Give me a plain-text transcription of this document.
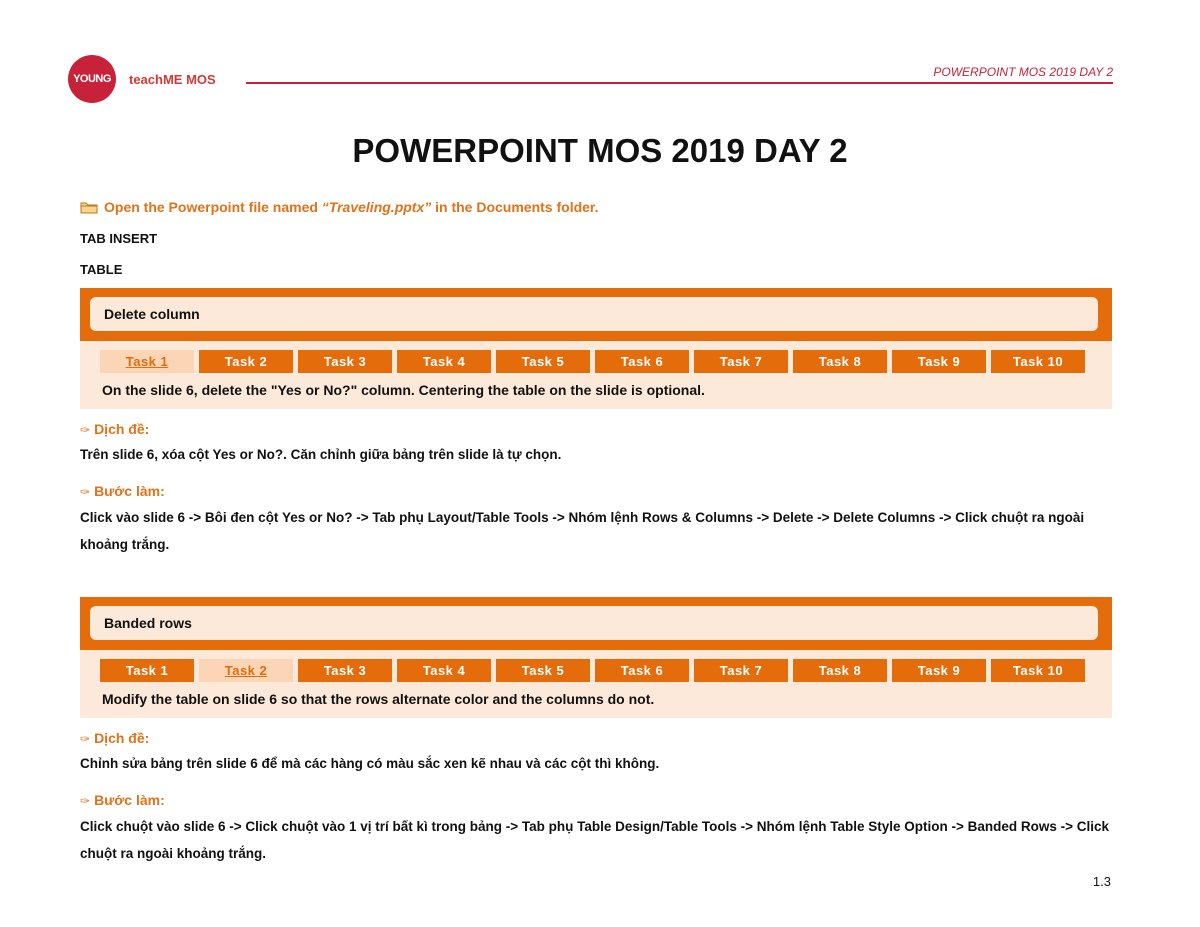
YOUNG teachME MOS	POWERPOINT MOS 2019 DAY 2
POWERPOINT MOS 2019 DAY 2
Open the Powerpoint file named “Traveling.pptx” in the Documents folder.
TAB INSERT
TABLE
Delete column
Task 1	Task 2	Task 3	Task 4	Task 5	Task 6	Task 7	Task 8	Task 9	Task 10
On the slide 6, delete the "Yes or No?" column. Centering the table on the slide is optional.
✑ Dịch đề:
Trên slide 6, xóa cột Yes or No?. Căn chỉnh giữa bảng trên slide là tự chọn.
✑ Bước làm:
Click vào slide 6 -> Bôi đen cột Yes or No? -> Tab phụ Layout/Table Tools -> Nhóm lệnh Rows & Columns -> Delete -> Delete Columns -> Click chuột ra ngoài khoảng trắng.
Banded rows
Task 1	Task 2	Task 3	Task 4	Task 5	Task 6	Task 7	Task 8	Task 9	Task 10
Modify the table on slide 6 so that the rows alternate color and the columns do not.
✑ Dịch đề:
Chỉnh sửa bảng trên slide 6 để mà các hàng có màu sắc xen kẽ nhau và các cột thì không.
✑ Bước làm:
Click chuột vào slide 6 -> Click chuột vào 1 vị trí bất kì trong bảng -> Tab phụ Table Design/Table Tools -> Nhóm lệnh Table Style Option -> Banded Rows -> Click chuột ra ngoài khoảng trắng.
1.3
